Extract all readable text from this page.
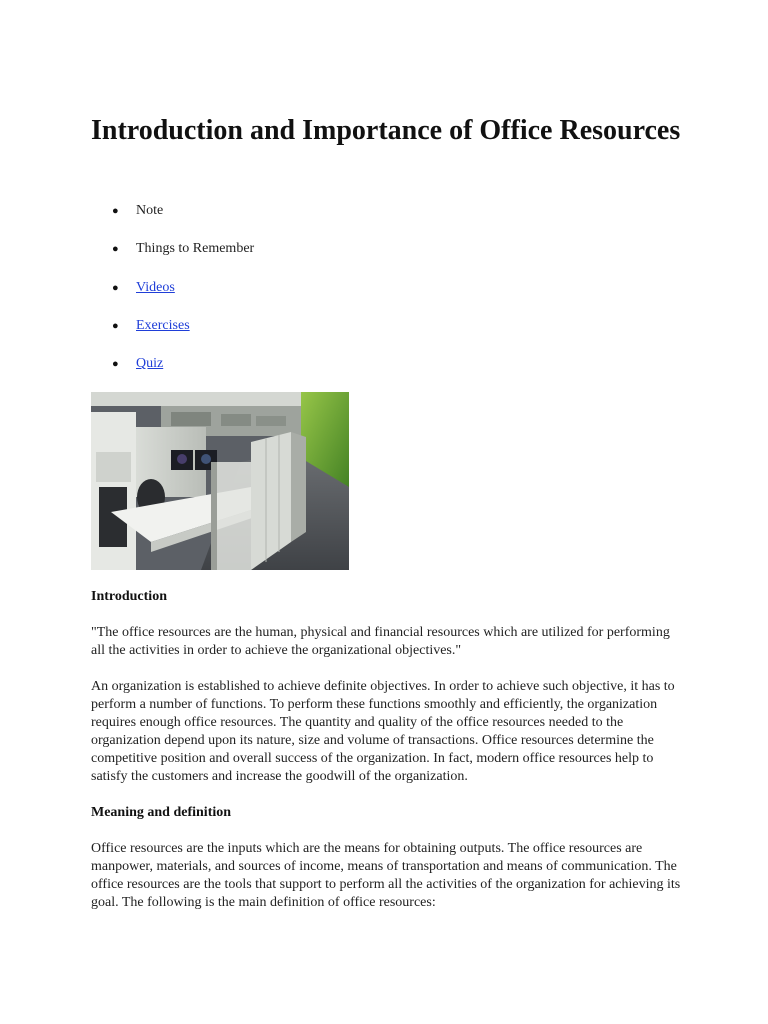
Introduction and Importance of Office Resources
● Note
● Things to Remember
● Videos
● Exercises
● Quiz
Introduction

"The office resources are the human, physical and financial resources which are utilized for performing all the activities in order to achieve the organizational objectives."

An organization is established to achieve definite objectives. In order to achieve such objective, it has to perform a number of functions. To perform these functions smoothly and efficiently, the organization requires enough office resources. The quantity and quality of the office resources needed to the organization depend upon its nature, size and volume of transactions. Office resources determine the competitive position and overall success of the organization. In fact, modern office resources help to satisfy the customers and increase the goodwill of the organization.

Meaning and definition

Office resources are the inputs which are the means for obtaining outputs. The office resources are manpower, materials, and sources of income, means of transportation and means of communication. The office resources are the tools that support to perform all the activities of the organization for achieving its goal. The following is the main definition of office resources:
